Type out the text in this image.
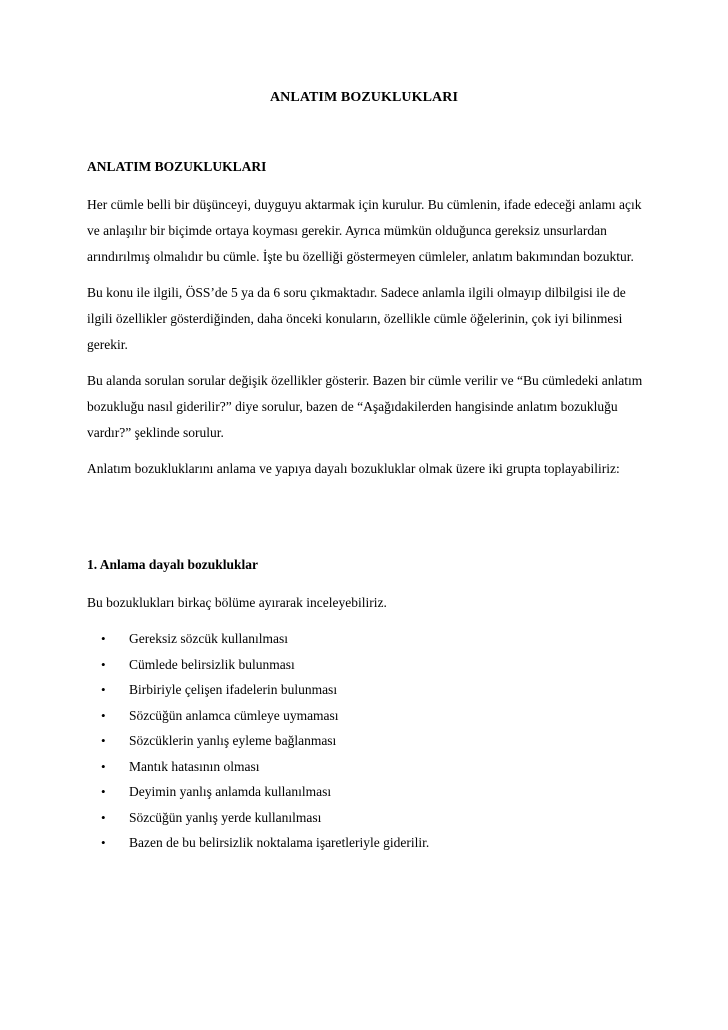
ANLATIM BOZUKLUKLARI
ANLATIM BOZUKLUKLARI

Her cümle belli bir düşünceyi, duyguyu aktarmak için kurulur. Bu cümlenin, ifade edeceği anlamı açık ve anlaşılır bir biçimde ortaya koyması gerekir. Ayrıca mümkün olduğunca gereksiz unsurlardan arındırılmış olmalıdır bu cümle. İşte bu özelliği göstermeyen cümleler, anlatım bakımından bozuktur.

Bu konu ile ilgili, ÖSS’de 5 ya da 6 soru çıkmaktadır. Sadece anlamla ilgili olmayıp dilbilgisi ile de ilgili özellikler gösterdiğinden, daha önceki konuların, özellikle cümle öğelerinin, çok iyi bilinmesi gerekir.

Bu alanda sorulan sorular değişik özellikler gösterir. Bazen bir cümle verilir ve “Bu cümledeki anlatım bozukluğu nasıl giderilir?” diye sorulur, bazen de “Aşağıdakilerden hangisinde anlatım bozukluğu vardır?” şeklinde sorulur.

Anlatım bozukluklarını anlama ve yapıya dayalı bozukluklar olmak üzere iki grupta toplayabiliriz:

1. Anlama dayalı bozukluklar

Bu bozuklukları birkaç bölüme ayırarak inceleyebiliriz.

• Gereksiz sözcük kullanılması
• Cümlede belirsizlik bulunması
• Birbiriyle çelişen ifadelerin bulunması
• Sözcüğün anlamca cümleye uymaması
• Sözcüklerin yanlış eyleme bağlanması
• Mantık hatasının olması
• Deyimin yanlış anlamda kullanılması
• Sözcüğün yanlış yerde kullanılması
• Bazen de bu belirsizlik noktalama işaretleriyle giderilir.
